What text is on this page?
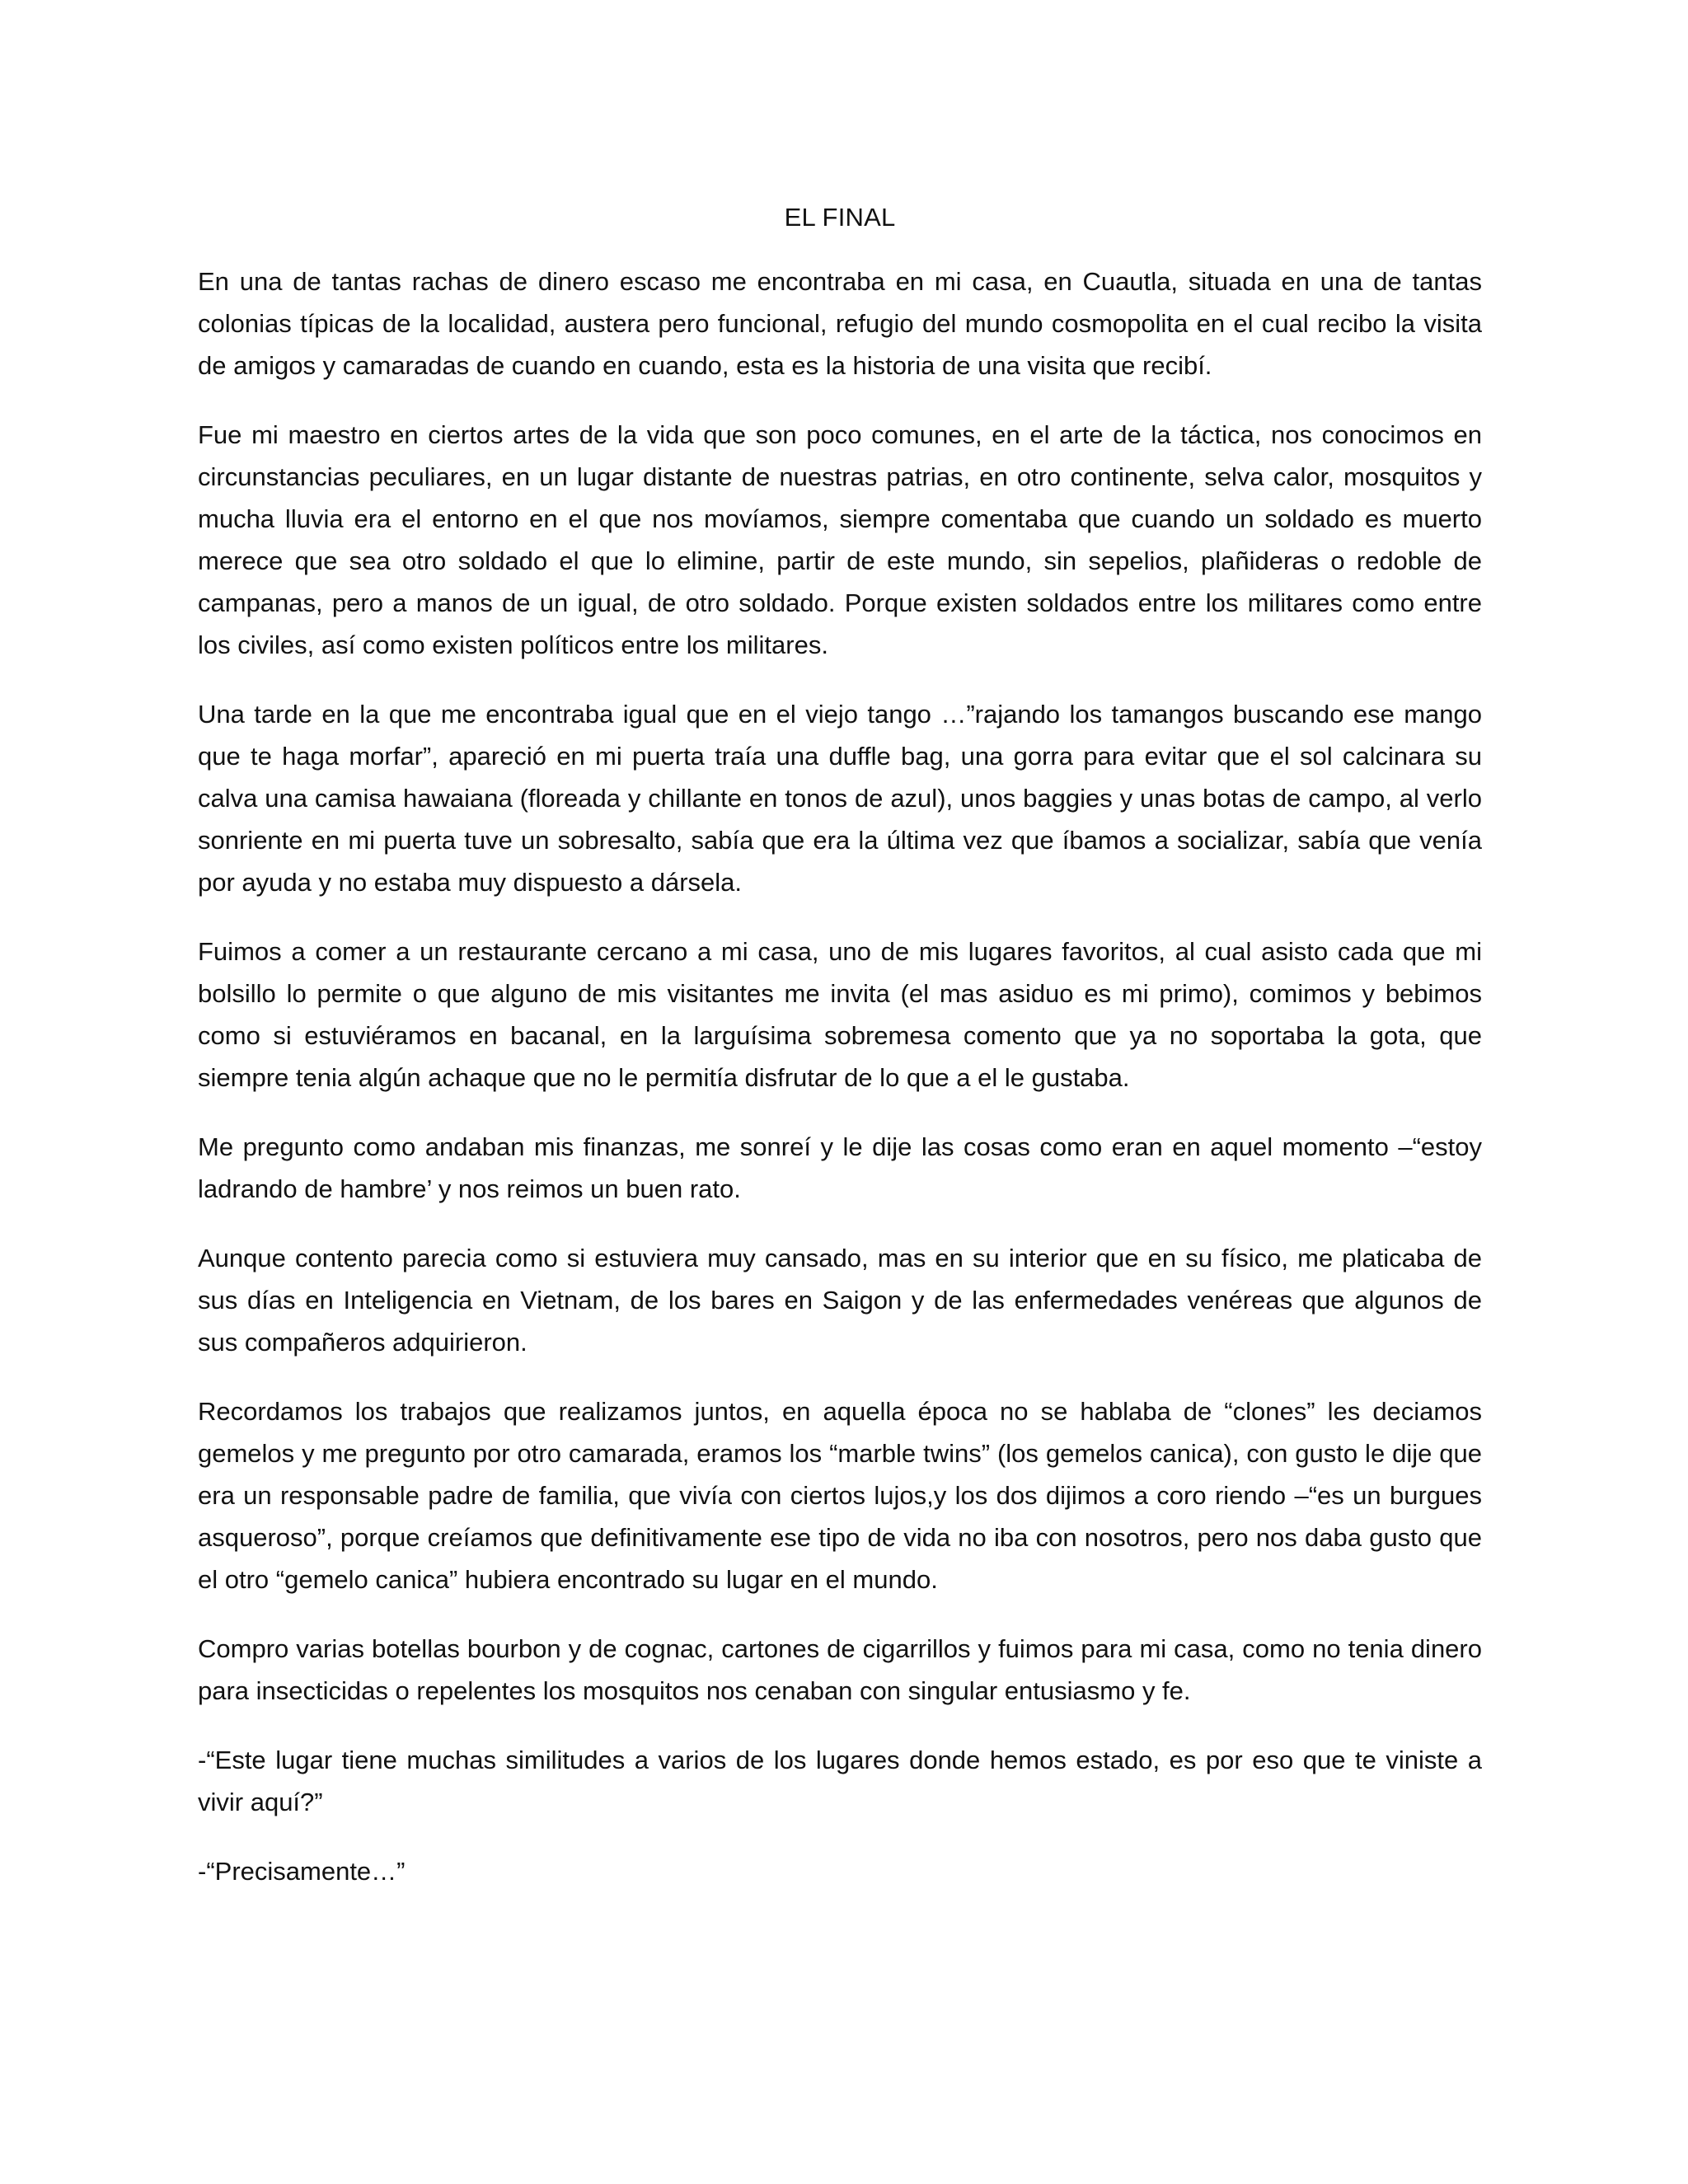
EL FINAL

En una de tantas rachas de dinero escaso me encontraba en mi casa, en Cuautla, situada en una de tantas colonias típicas de la localidad, austera pero funcional, refugio del mundo cosmopolita en el cual recibo la visita de amigos y camaradas de cuando en cuando, esta es la historia de una visita que recibí.

Fue mi maestro en ciertos artes de la vida que son poco comunes, en el arte de la táctica, nos conocimos en circunstancias peculiares, en un lugar distante de nuestras patrias, en otro continente, selva calor, mosquitos y mucha lluvia era el entorno en el que nos movíamos, siempre comentaba que cuando un soldado es muerto merece que sea otro soldado el que lo elimine, partir de este mundo, sin sepelios, plañideras o redoble de campanas, pero a manos de un igual, de otro soldado. Porque existen soldados entre los militares como entre los civiles, así como existen políticos entre los militares.

Una tarde en la que me encontraba igual que en el viejo tango …”rajando los tamangos buscando ese mango que te haga morfar”, apareció en mi puerta traía una duffle bag, una gorra para evitar que el sol calcinara su calva una camisa hawaiana (floreada y chillante en tonos de azul), unos baggies y unas botas de campo, al verlo sonriente en mi puerta tuve un sobresalto, sabía que era la última vez que íbamos a socializar, sabía que venía por ayuda y no estaba muy dispuesto a dársela.

Fuimos a comer a un restaurante cercano a mi casa, uno de mis lugares favoritos, al cual asisto cada que mi bolsillo lo permite o que alguno de mis visitantes me invita (el mas asiduo es mi primo), comimos y bebimos como si estuviéramos en bacanal, en la larguísima sobremesa comento que ya no soportaba la gota, que siempre tenia algún achaque que no le permitía disfrutar de lo que a el le gustaba.

Me pregunto como andaban mis finanzas, me sonreí y le dije las cosas como eran en aquel momento –“estoy ladrando de hambre’ y nos reimos un buen rato.

Aunque contento parecia como si estuviera muy cansado, mas en su interior que en su físico, me platicaba de sus días en Inteligencia en Vietnam, de los bares en Saigon y de las enfermedades venéreas que algunos de sus compañeros adquirieron.

Recordamos los trabajos que realizamos juntos, en aquella época no se hablaba de “clones” les deciamos gemelos y me pregunto por otro camarada, eramos los “marble twins” (los gemelos canica), con gusto le dije que era un responsable padre de familia, que vivía con ciertos lujos,y los dos dijimos a coro riendo –“es un burgues asqueroso”, porque creíamos que definitivamente ese tipo de vida no iba con nosotros, pero nos daba gusto que el otro “gemelo canica” hubiera encontrado su lugar en el mundo.

Compro varias botellas bourbon y de cognac, cartones de cigarrillos y fuimos para mi casa, como no tenia dinero para insecticidas o repelentes los mosquitos nos cenaban con singular entusiasmo y fe.

-“Este lugar tiene muchas similitudes a varios de los lugares donde hemos estado, es por eso que te viniste a vivir aquí?”

-“Precisamente…”
